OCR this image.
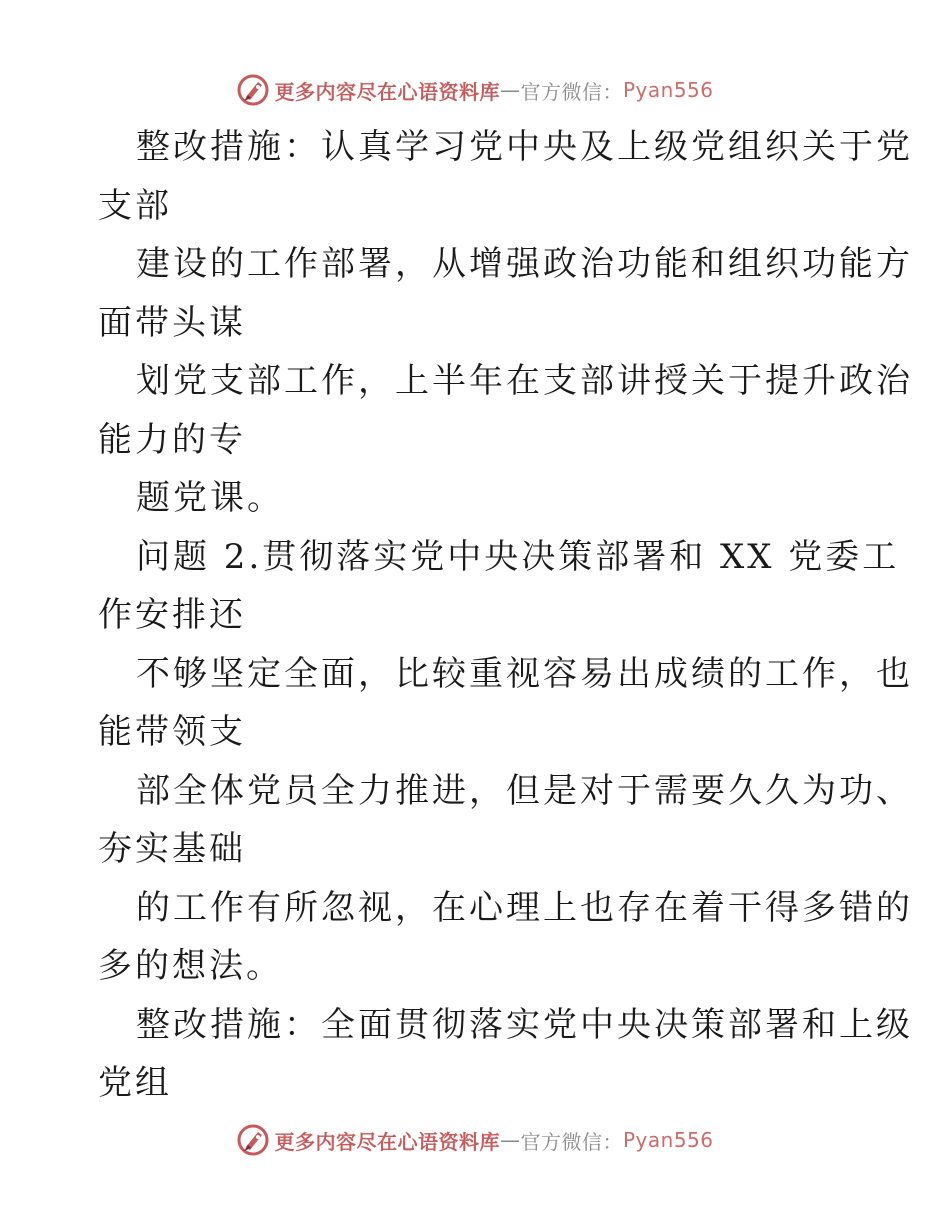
更多内容尽在心语资料库 — 官方微信： Pyan556
整改措施：认真学习党中央及上级党组织关于党
支部
建设的工作部署，从增强政治功能和组织功能方
面带头谋
划党支部工作，上半年在支部讲授关于提升政治
能力的专
题党课。
问题 2.贯彻落实党中央决策部署和 XX 党委工
作安排还
不够坚定全面，比较重视容易出成绩的工作，也
能带领支
部全体党员全力推进，但是对于需要久久为功、
夯实基础
的工作有所忽视，在心理上也存在着干得多错的
多的想法。
整改措施：全面贯彻落实党中央决策部署和上级
党组
更多内容尽在心语资料库 — 官方微信： Pyan556
